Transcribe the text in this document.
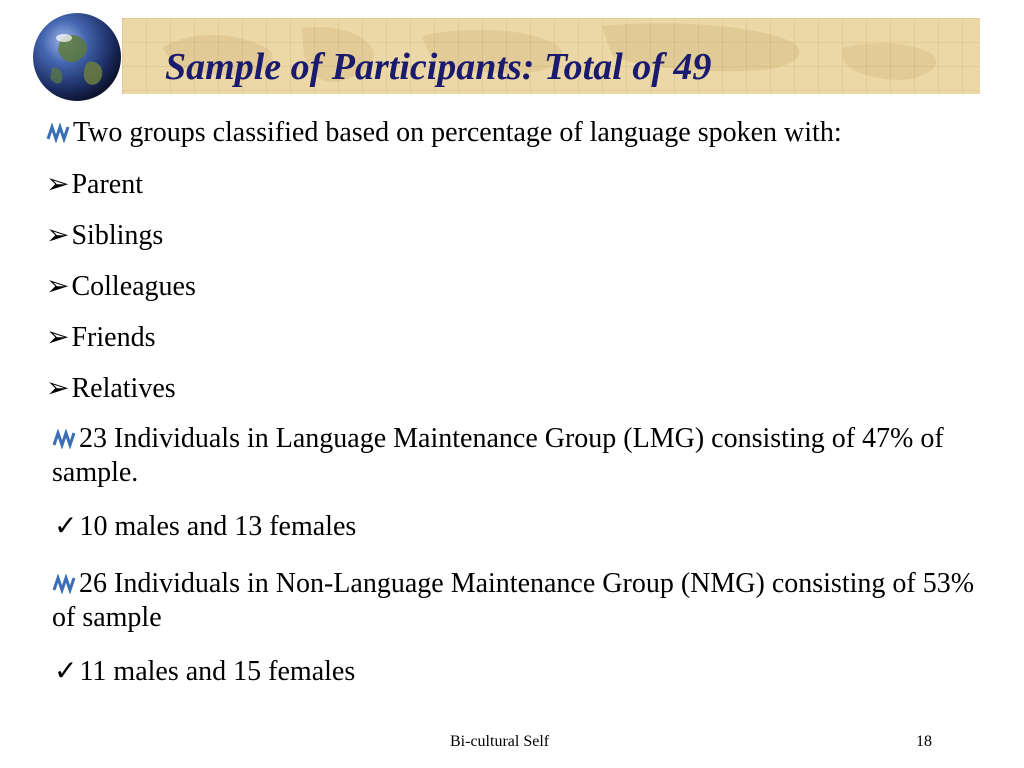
Sample of Participants: Total of 49
Two groups classified based on percentage of language spoken with:
➢Parent
➢Siblings
➢Colleagues
➢Friends
➢Relatives
23 Individuals in Language Maintenance Group (LMG) consisting of 47% of sample.
✓10 males and 13 females
26 Individuals in Non-Language Maintenance Group (NMG) consisting of 53% of sample
✓11 males and 15 females
Bi-cultural Self	18
